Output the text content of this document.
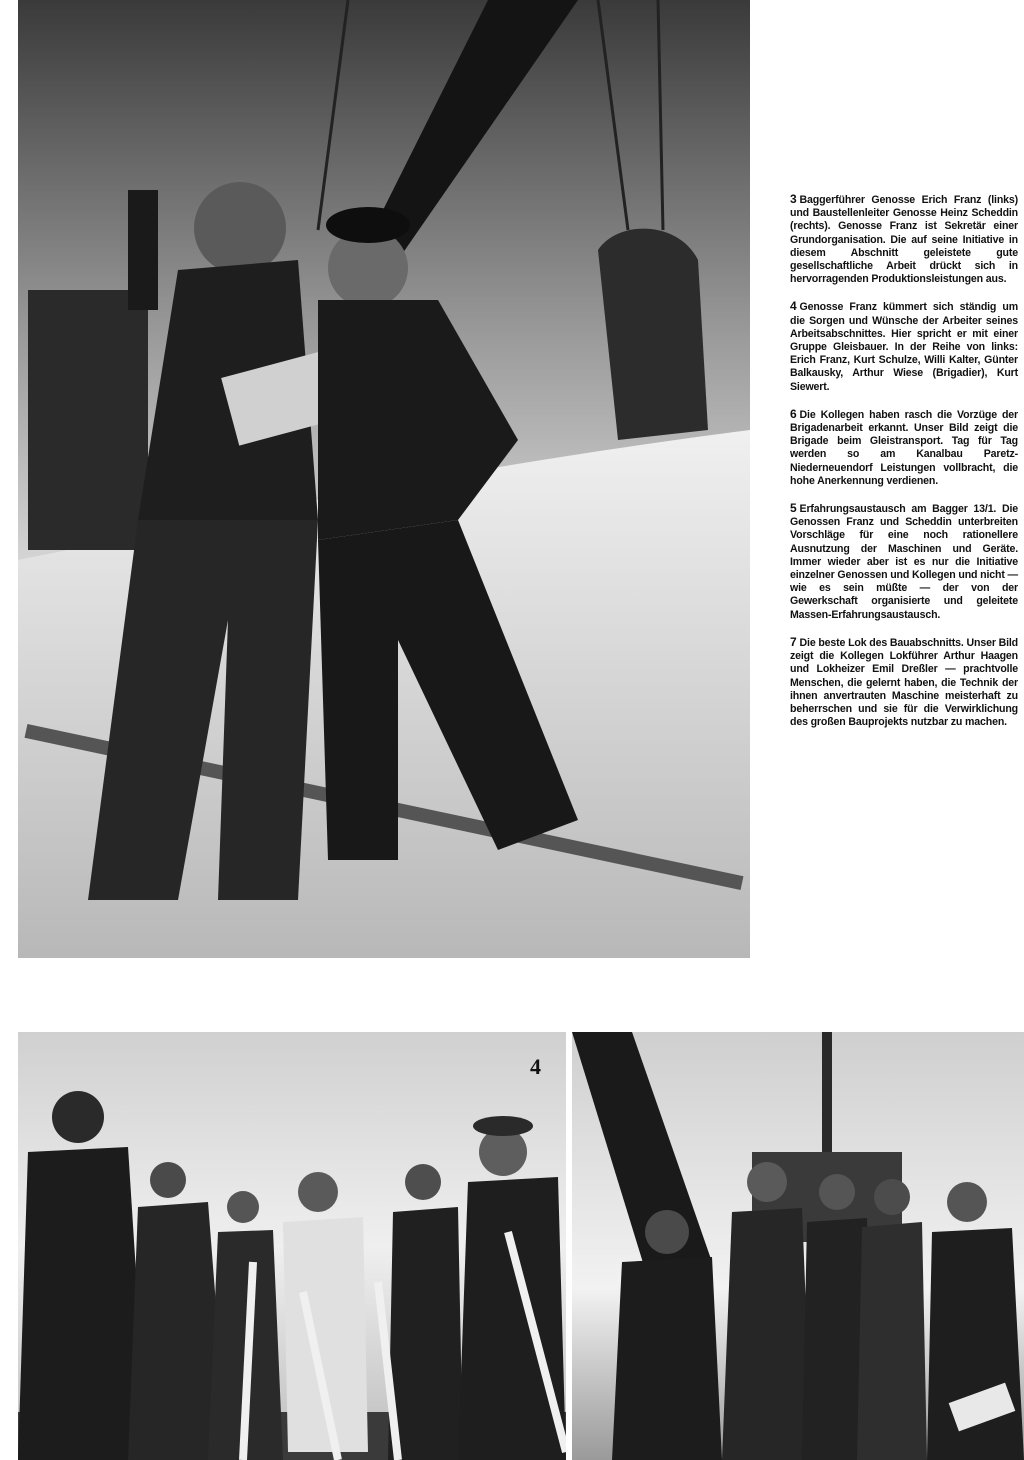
3 Baggerführer Genosse Erich Franz (links) und Baustellenleiter Genosse Heinz Scheddin (rechts). Genosse Franz ist Sekretär einer Grundorganisation. Die auf seine Initiative in diesem Abschnitt geleistete gute gesellschaftliche Arbeit drückt sich in hervorragenden Produktionsleistungen aus.

4 Genosse Franz kümmert sich ständig um die Sorgen und Wünsche der Arbeiter seines Arbeitsabschnittes. Hier spricht er mit einer Gruppe Gleisbauer. In der Reihe von links: Erich Franz, Kurt Schulze, Willi Kalter, Günter Balkausky, Arthur Wiese (Brigadier), Kurt Siewert.

6 Die Kollegen haben rasch die Vorzüge der Brigadenarbeit erkannt. Unser Bild zeigt die Brigade beim Gleistransport. Tag für Tag werden so am Kanalbau Paretz-Niederneuendorf Leistungen vollbracht, die hohe Anerkennung verdienen.

5 Erfahrungsaustausch am Bagger 13/1. Die Genossen Franz und Scheddin unterbreiten Vorschläge für eine noch rationellere Ausnutzung der Maschinen und Geräte. Immer wieder aber ist es nur die Initiative einzelner Genossen und Kollegen und nicht — wie es sein müßte — der von der Gewerkschaft organisierte und geleitete Massen-Erfahrungsaustausch.

7 Die beste Lok des Bauabschnitts. Unser Bild zeigt die Kollegen Lokführer Arthur Haagen und Lokheizer Emil Dreßler — prachtvolle Menschen, die gelernt haben, die Technik der ihnen anvertrauten Maschine meisterhaft zu beherrschen und sie für die Verwirklichung des großen Bauprojekts nutzbar zu machen.

4
